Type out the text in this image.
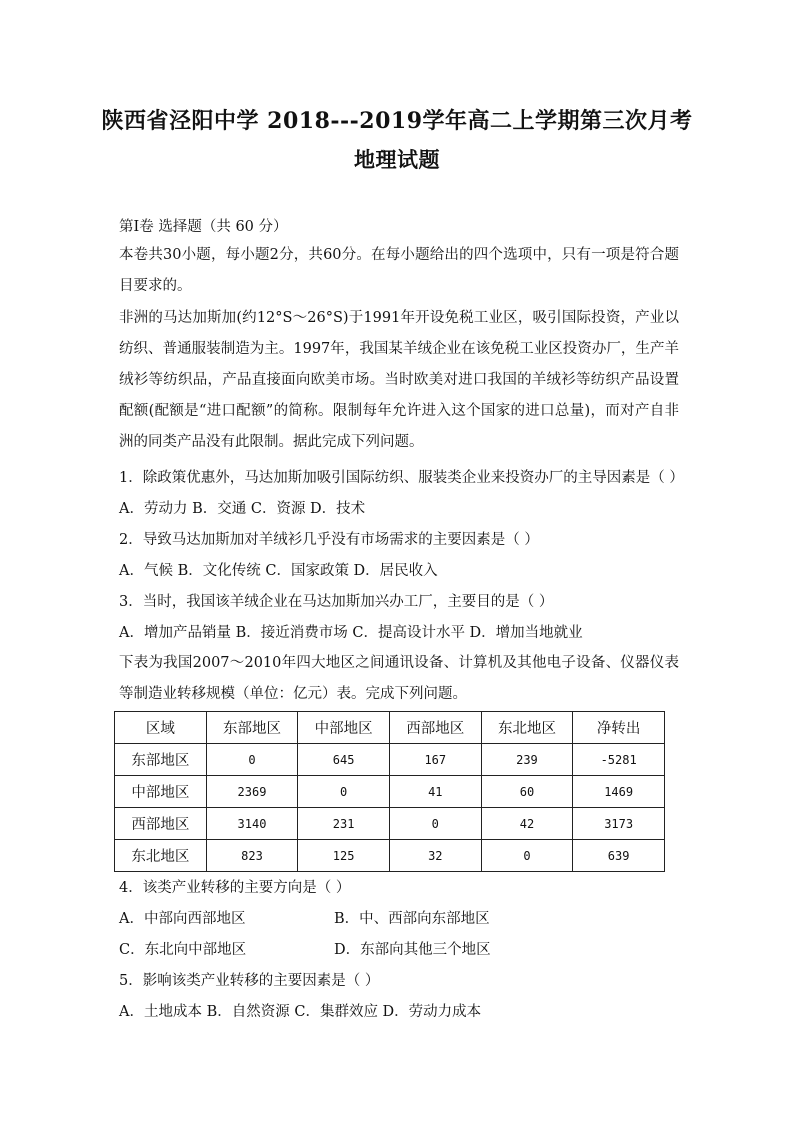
陕西省泾阳中学 2018---2019学年高二上学期第三次月考
地理试题
第Ⅰ卷 选择题（共 60 分）
本卷共30小题，每小题2分，共60分。在每小题给出的四个选项中，只有一项是符合题目要求的。
非洲的马达加斯加(约12°S～26°S)于1991年开设免税工业区，吸引国际投资，产业以纺织、普通服装制造为主。1997年，我国某羊绒企业在该免税工业区投资办厂，生产羊绒衫等纺织品，产品直接面向欧美市场。当时欧美对进口我国的羊绒衫等纺织产品设置配额(配额是“进口配额”的简称。限制每年允许进入这个国家的进口总量)，而对产自非洲的同类产品没有此限制。据此完成下列问题。
1．除政策优惠外，马达加斯加吸引国际纺织、服装类企业来投资办厂的主导因素是（ ）
A．劳动力 B．交通 C．资源 D．技术
2．导致马达加斯加对羊绒衫几乎没有市场需求的主要因素是（ ）
A．气候 B．文化传统 C．国家政策 D．居民收入
3．当时，我国该羊绒企业在马达加斯加兴办工厂，主要目的是（ ）
A．增加产品销量 B．接近消费市场 C．提高设计水平 D．增加当地就业
下表为我国2007～2010年四大地区之间通讯设备、计算机及其他电子设备、仪器仪表等制造业转移规模（单位：亿元）表。完成下列问题。
区域	东部地区	中部地区	西部地区	东北地区	净转出
东部地区	0	645	167	239	-5281
中部地区	2369	0	41	60	1469
西部地区	3140	231	0	42	3173
东北地区	823	125	32	0	639
4．该类产业转移的主要方向是（ ）
A．中部向西部地区	B．中、西部向东部地区
C．东北向中部地区	D．东部向其他三个地区
5．影响该类产业转移的主要因素是（ ）
A．土地成本 B．自然资源 C．集群效应 D．劳动力成本
